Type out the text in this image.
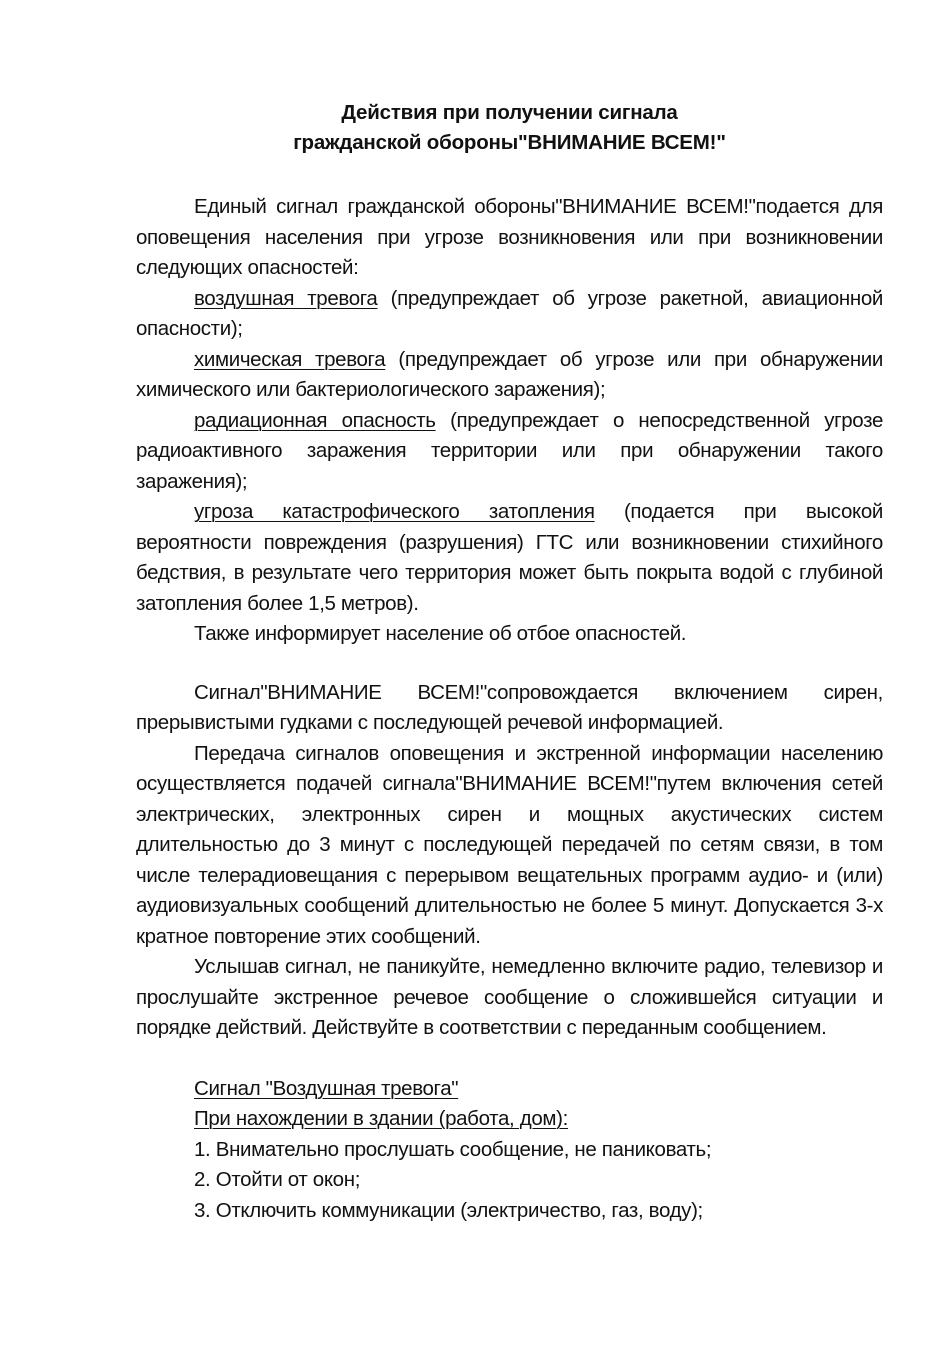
Действия при получении сигнала
гражданской обороны"ВНИМАНИЕ ВСЕМ!"

Единый сигнал гражданской обороны"ВНИМАНИЕ ВСЕМ!"подается для оповещения населения при угрозе возникновения или при возникновении следующих опасностей:

воздушная тревога (предупреждает об угрозе ракетной, авиационной опасности);

химическая тревога (предупреждает об угрозе или при обнаружении химического или бактериологического заражения);

радиационная опасность (предупреждает о непосредственной угрозе радиоактивного заражения территории или при обнаружении такого заражения);

угроза катастрофического затопления (подается при высокой вероятности повреждения (разрушения) ГТС или возникновении стихийного бедствия, в результате чего территория может быть покрыта водой с глубиной затопления более 1,5 метров).

Также информирует население об отбое опасностей.

Сигнал"ВНИМАНИЕ ВСЕМ!"сопровождается включением сирен, прерывистыми гудками с последующей речевой информацией.

Передача сигналов оповещения и экстренной информации населению осуществляется подачей сигнала"ВНИМАНИЕ ВСЕМ!"путем включения сетей электрических, электронных сирен и мощных акустических систем длительностью до 3 минут с последующей передачей по сетям связи, в том числе телерадиовещания с перерывом вещательных программ аудио- и (или) аудиовизуальных сообщений длительностью не более 5 минут. Допускается 3-х кратное повторение этих сообщений.

Услышав сигнал, не паникуйте, немедленно включите радио, телевизор и прослушайте экстренное речевое сообщение о сложившейся ситуации и порядке действий. Действуйте в соответствии с переданным сообщением.

Сигнал "Воздушная тревога"
При нахождении в здании (работа, дом):
1. Внимательно прослушать сообщение, не паниковать;
2. Отойти от окон;
3. Отключить коммуникации (электричество, газ, воду);
